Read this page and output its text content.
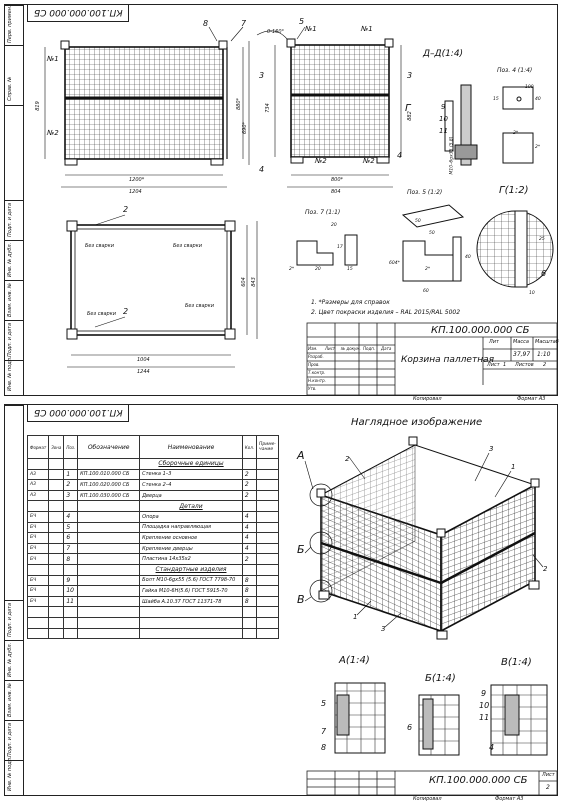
Перв. примен.
Справ. №
Подп. и дата
Инв. № дубл.
Взам. инв. №
Подп. и дата
Инв. № подл.
КП.100.000.000 СБ
1200*
1204
800*
804
819	880*
690*
734
882
1004
1244
604 843
0-160°
M10–6gх35 (5.8)
№1
№2
№1
№2
№1
№2
8	7	5
3	3
4
4
2
2
Г
Без сварки	Без сварки
Без сварки
Без сварки
Д–Д(1:4)
Поз. 4 (1:4)
Поз. 5 (1:2)
Поз. 7 (1:1)
Г(1:2)
9
10
11
6
100
40
15
2*
2*
10
25
50
50
604*
60
40
2*
20	15
20
2*
17
1. *Размеры для справок
2. Цвет покраски изделия – RAL 2015/RAL 5002
КП.100.000.000 СБ
Корзина паллетная
Лит	Масса Масштаб
37,97 1:10
Лист 1 Листов 2
Изм. Лист № докум. Подп. Дата
Разраб.
Пров.
Т.контр.
Н.контр.
Утв.
Копировал	Формат А3
Подп. и дата
Инв. № дубл.
Взам. инв. №
Подп. и дата
Инв. № подл.
КП.100.000.000 СБ
Формат	Зона	Поз.	Обозначение	Наименование	Кол.	Приме-чание
				Сборочные единицы		
А3		1	КП.100.010.000 СБ	Стенка 1–3	2	
А3		2	КП.100.020.000 СБ	Стенка 2–4	2	
А3		3	КП.100.030.000 СБ	Дверца	2	
				Детали		
БЧ		4		Опора	4	
БЧ		5		Площадка направляющая	4	
БЧ		6		Крепление основное	4	
БЧ		7		Крепление дверцы	4	
БЧ		8		Пластина 14х35х2	2	
				Стандартные изделия		
БЧ		9		Болт М10-6gх55 (5.6) ГОСТ 7798-70	8	
БЧ		10		Гайка М10-6Н(5.6) ГОСТ 5915-70	8	
БЧ		11		Шайба А.10.37 ГОСТ 11371-78	8	

Наглядное изображение
2
3
1
2
1
3
А
Б
В
А(1:4)
Б(1:4)
В(1:4)
5
7
8
6
9
10
11
4
КП.100.000.000 СБ	Лист
2
Копировал	Формат А3
